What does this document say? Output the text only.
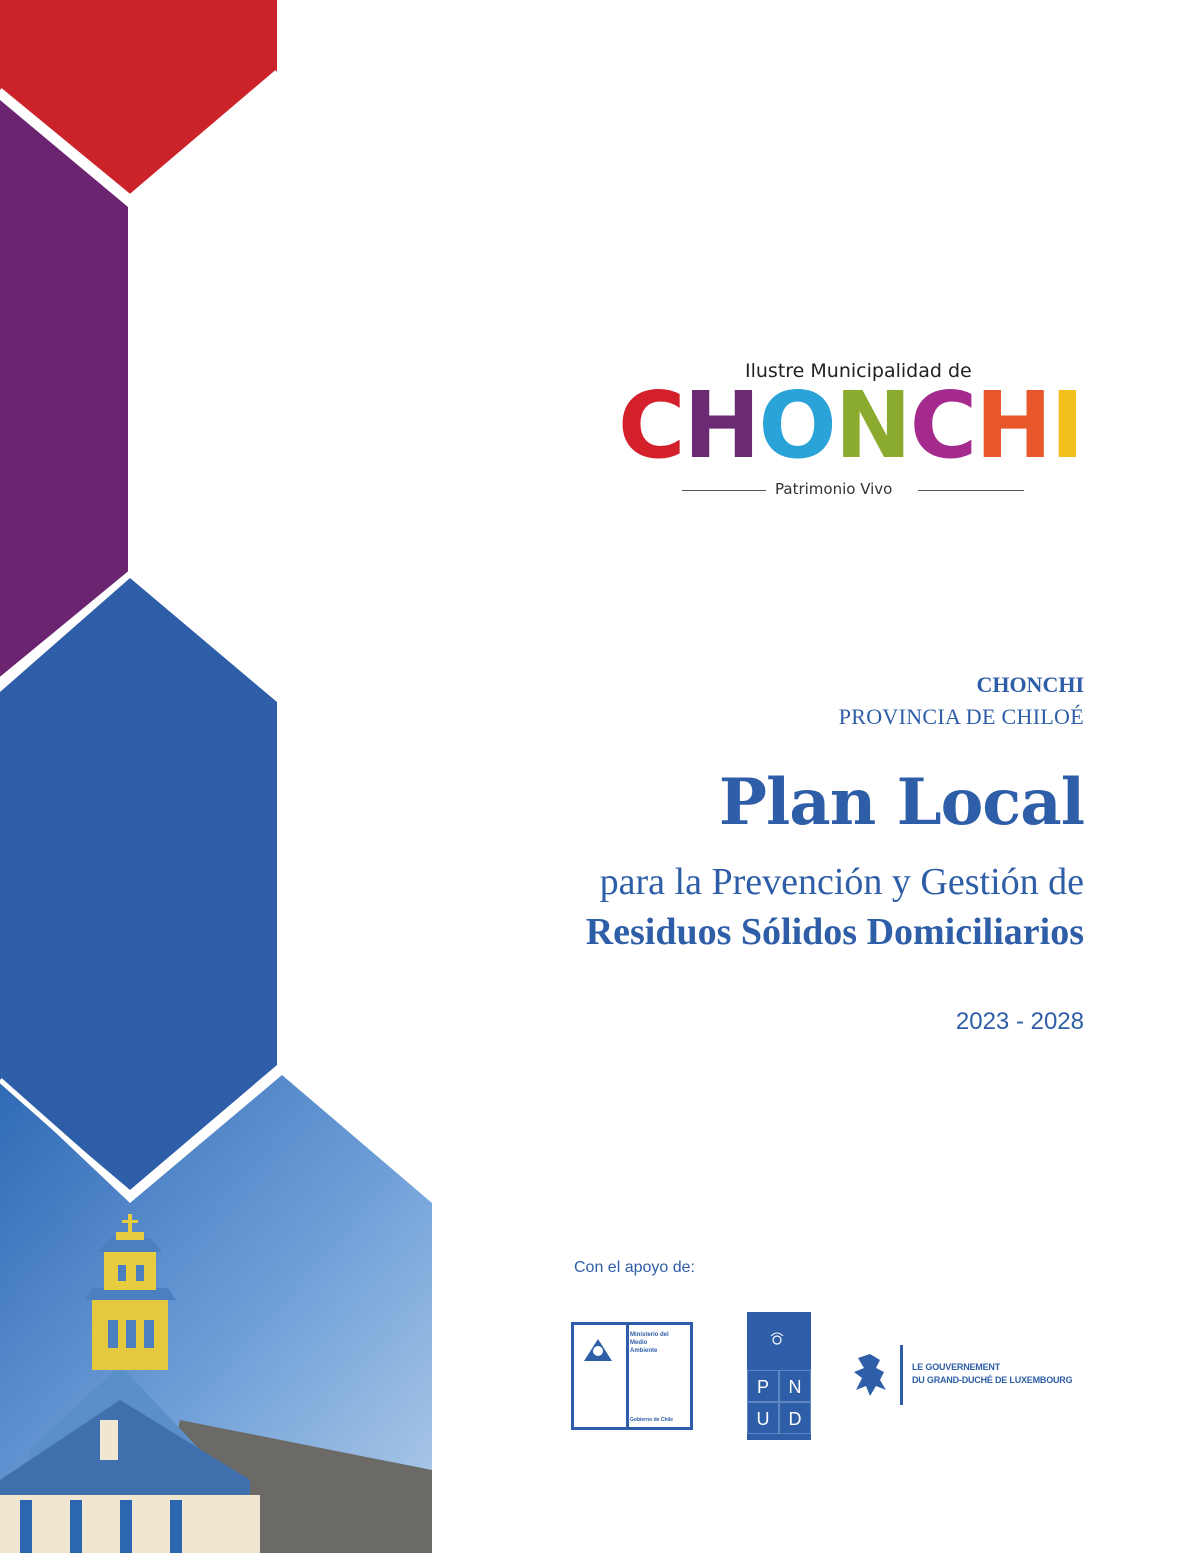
Ilustre Municipalidad de
CHONCHI
Patrimonio Vivo
CHONCHI
PROVINCIA DE CHILOÉ
Plan Local
para la Prevención y Gestión de
Residuos Sólidos Domiciliarios
2023 - 2028
Con el apoyo de:
Ministerio del
Medio
Ambiente
Gobierno de Chile
P NU D
LE GOUVERNEMENT
DU GRAND-DUCHÉ DE LUXEMBOURG
